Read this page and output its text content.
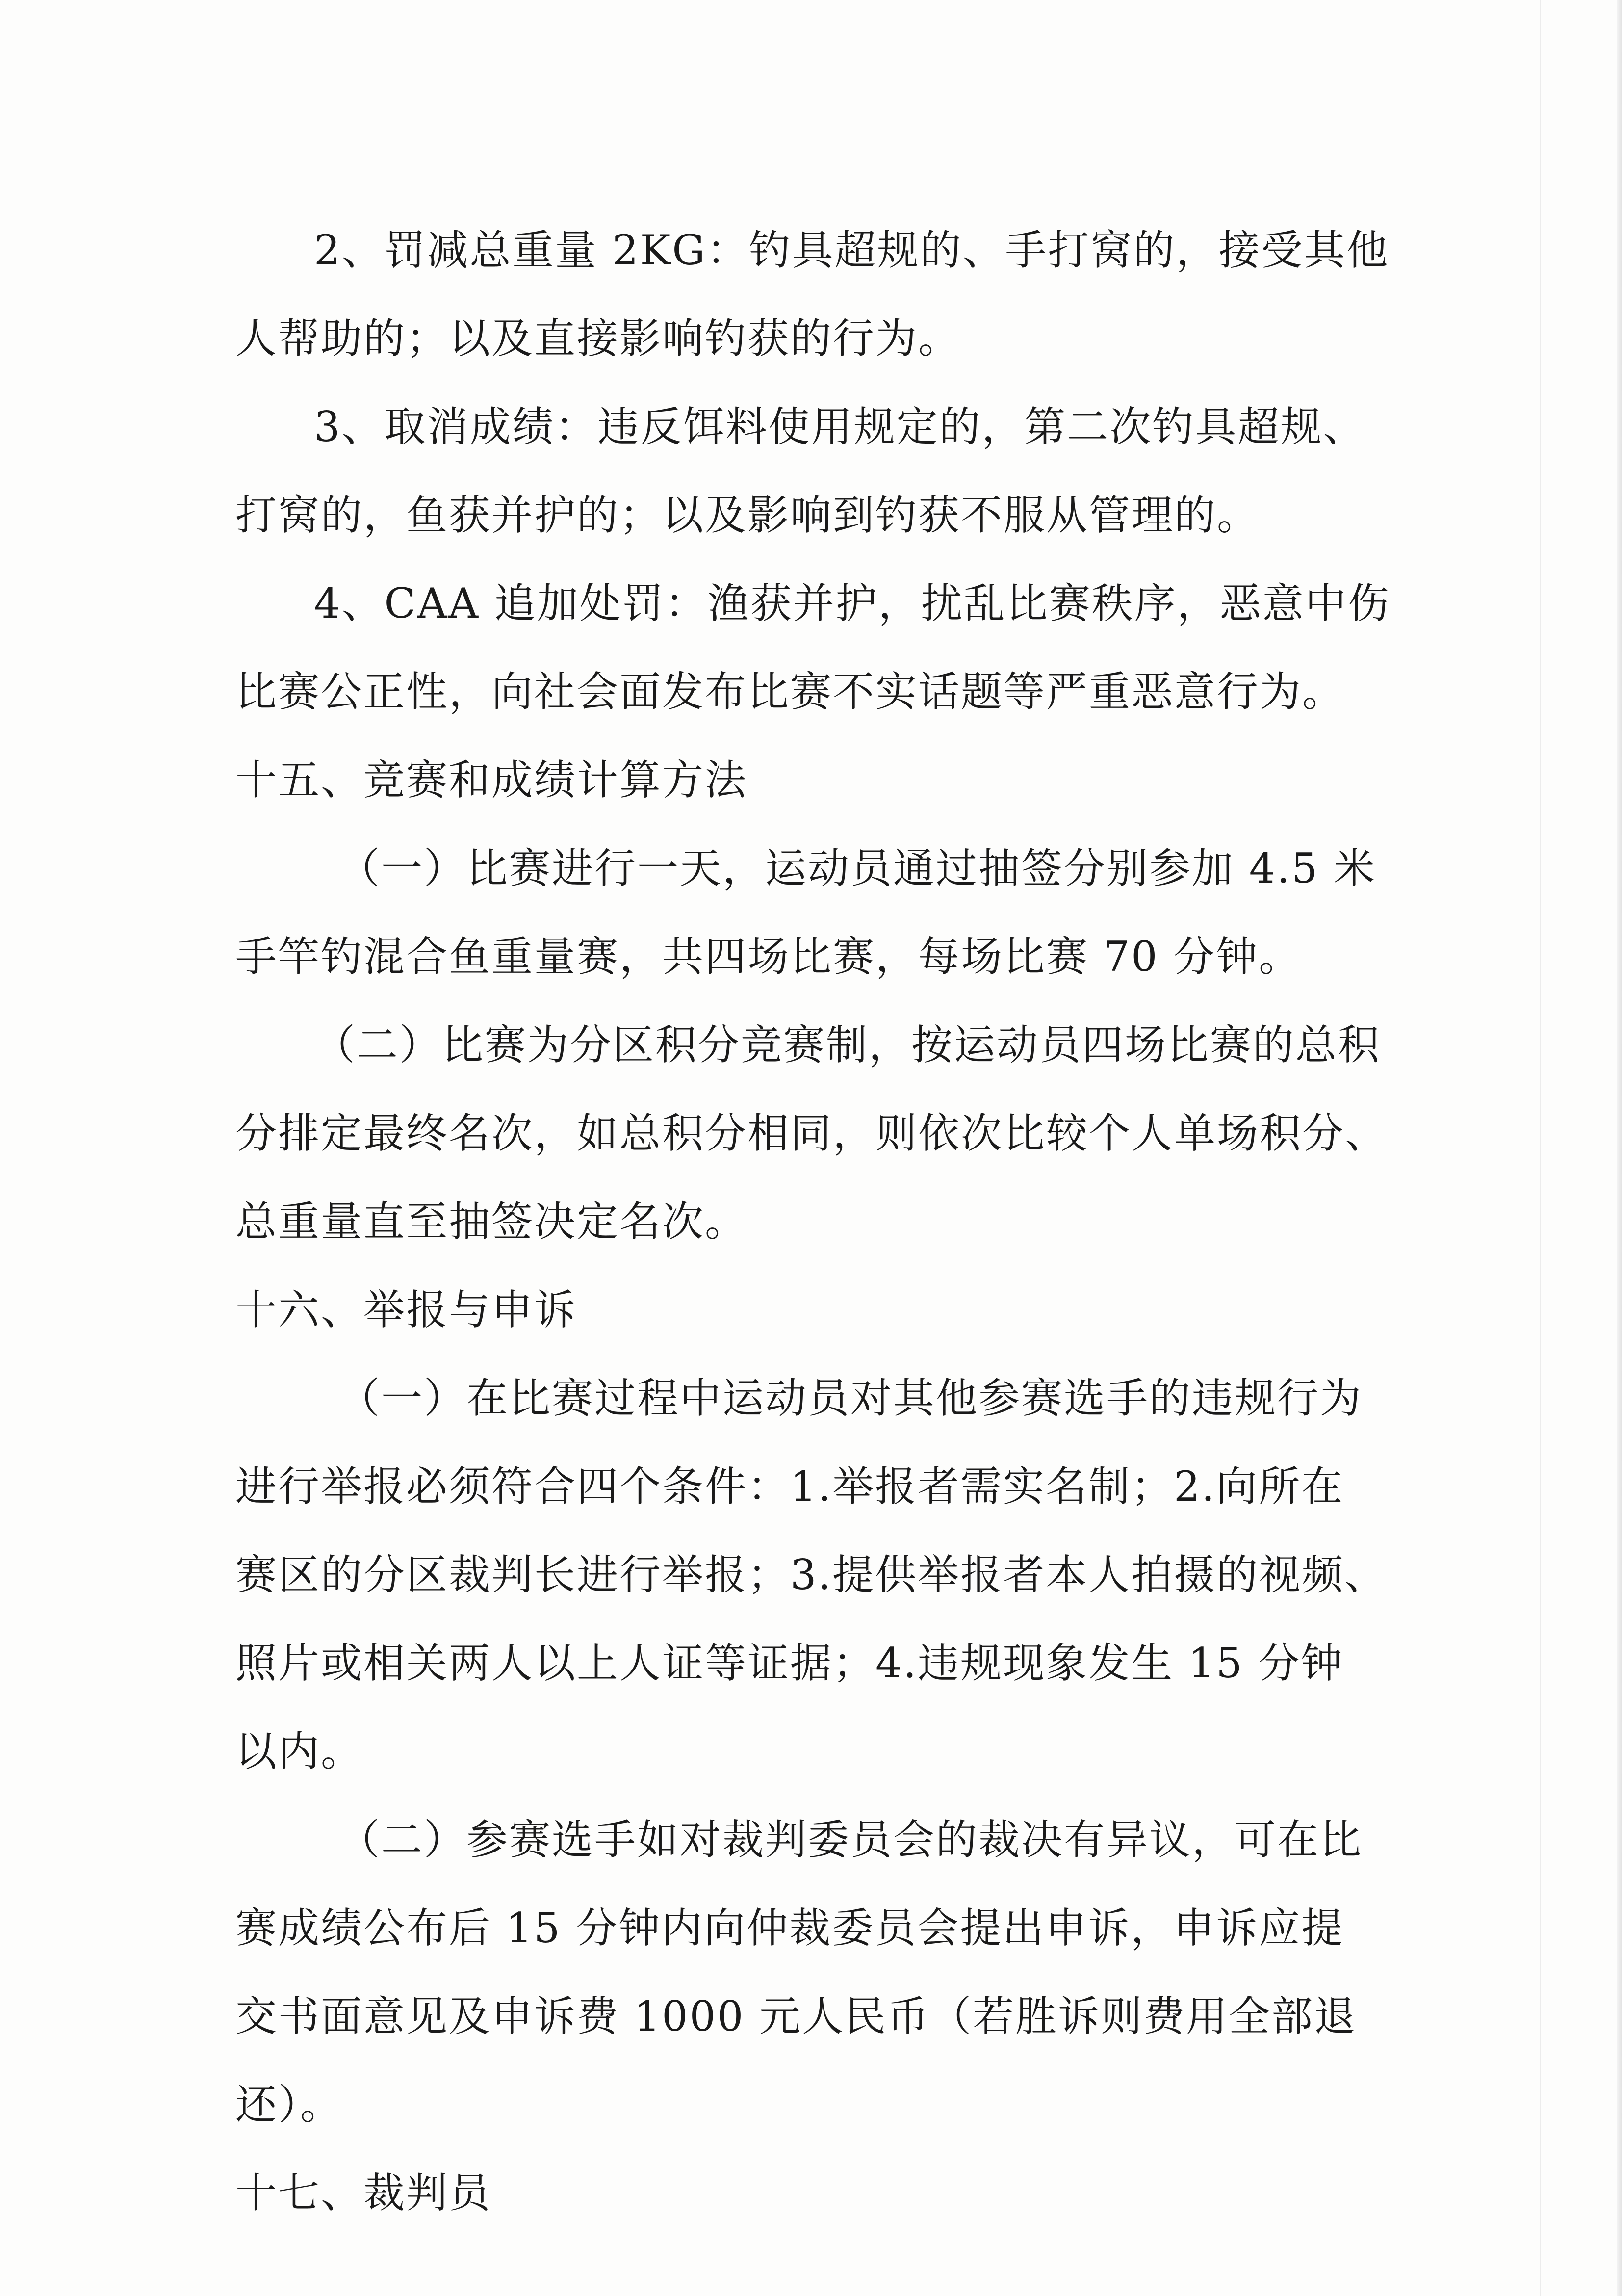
2、罚减总重量 2KG：钓具超规的、手打窝的，接受其他
人帮助的；以及直接影响钓获的行为。
3、取消成绩：违反饵料使用规定的，第二次钓具超规、
打窝的，鱼获并护的；以及影响到钓获不服从管理的。
4、CAA 追加处罚：渔获并护，扰乱比赛秩序，恶意中伤
比赛公正性，向社会面发布比赛不实话题等严重恶意行为。
十五、竞赛和成绩计算方法
（一）比赛进行一天，运动员通过抽签分别参加 4.5 米
手竿钓混合鱼重量赛，共四场比赛，每场比赛 70 分钟。
（二）比赛为分区积分竞赛制，按运动员四场比赛的总积
分排定最终名次，如总积分相同，则依次比较个人单场积分、
总重量直至抽签决定名次。
十六、举报与申诉
（一）在比赛过程中运动员对其他参赛选手的违规行为
进行举报必须符合四个条件：1.举报者需实名制；2.向所在
赛区的分区裁判长进行举报；3.提供举报者本人拍摄的视频、
照片或相关两人以上人证等证据；4.违规现象发生 15 分钟
以内。
（二）参赛选手如对裁判委员会的裁决有异议，可在比
赛成绩公布后 15 分钟内向仲裁委员会提出申诉，申诉应提
交书面意见及申诉费 1000 元人民币（若胜诉则费用全部退
还）。
十七、裁判员
